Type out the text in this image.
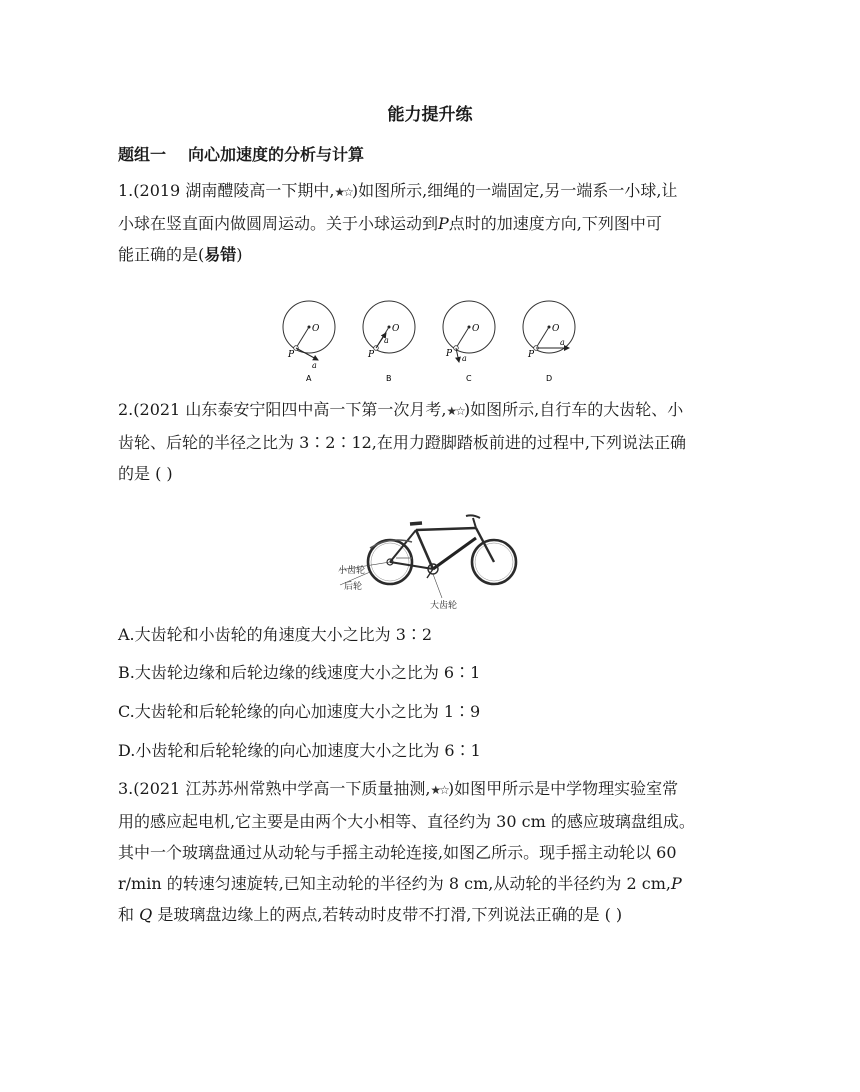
能力提升练
题组一 向心加速度的分析与计算
1.(2019 湖南醴陵高一下期中,★☆)如图所示,细绳的一端固定,另一端系一小球,让
小球在竖直面内做圆周运动。关于小球运动到P点时的加速度方向,下列图中可
能正确的是(易错)
O
P
a
A
O
P
a
B
O
P a
C
O
P
a
D
2.(2021 山东泰安宁阳四中高一下第一次月考,★☆)如图所示,自行车的大齿轮、小
齿轮、后轮的半径之比为 3∶2∶12,在用力蹬脚踏板前进的过程中,下列说法正确
的是 ( )
小齿轮
后轮
大齿轮
A.大齿轮和小齿轮的角速度大小之比为 3∶2
B.大齿轮边缘和后轮边缘的线速度大小之比为 6∶1
C.大齿轮和后轮轮缘的向心加速度大小之比为 1∶9
D.小齿轮和后轮轮缘的向心加速度大小之比为 6∶1
3.(2021 江苏苏州常熟中学高一下质量抽测,★☆)如图甲所示是中学物理实验室常
用的感应起电机,它主要是由两个大小相等、直径约为 30 cm 的感应玻璃盘组成。
其中一个玻璃盘通过从动轮与手摇主动轮连接,如图乙所示。现手摇主动轮以 60
r/min 的转速匀速旋转,已知主动轮的半径约为 8 cm,从动轮的半径约为 2 cm,P
和 Q 是玻璃盘边缘上的两点,若转动时皮带不打滑,下列说法正确的是 ( )
